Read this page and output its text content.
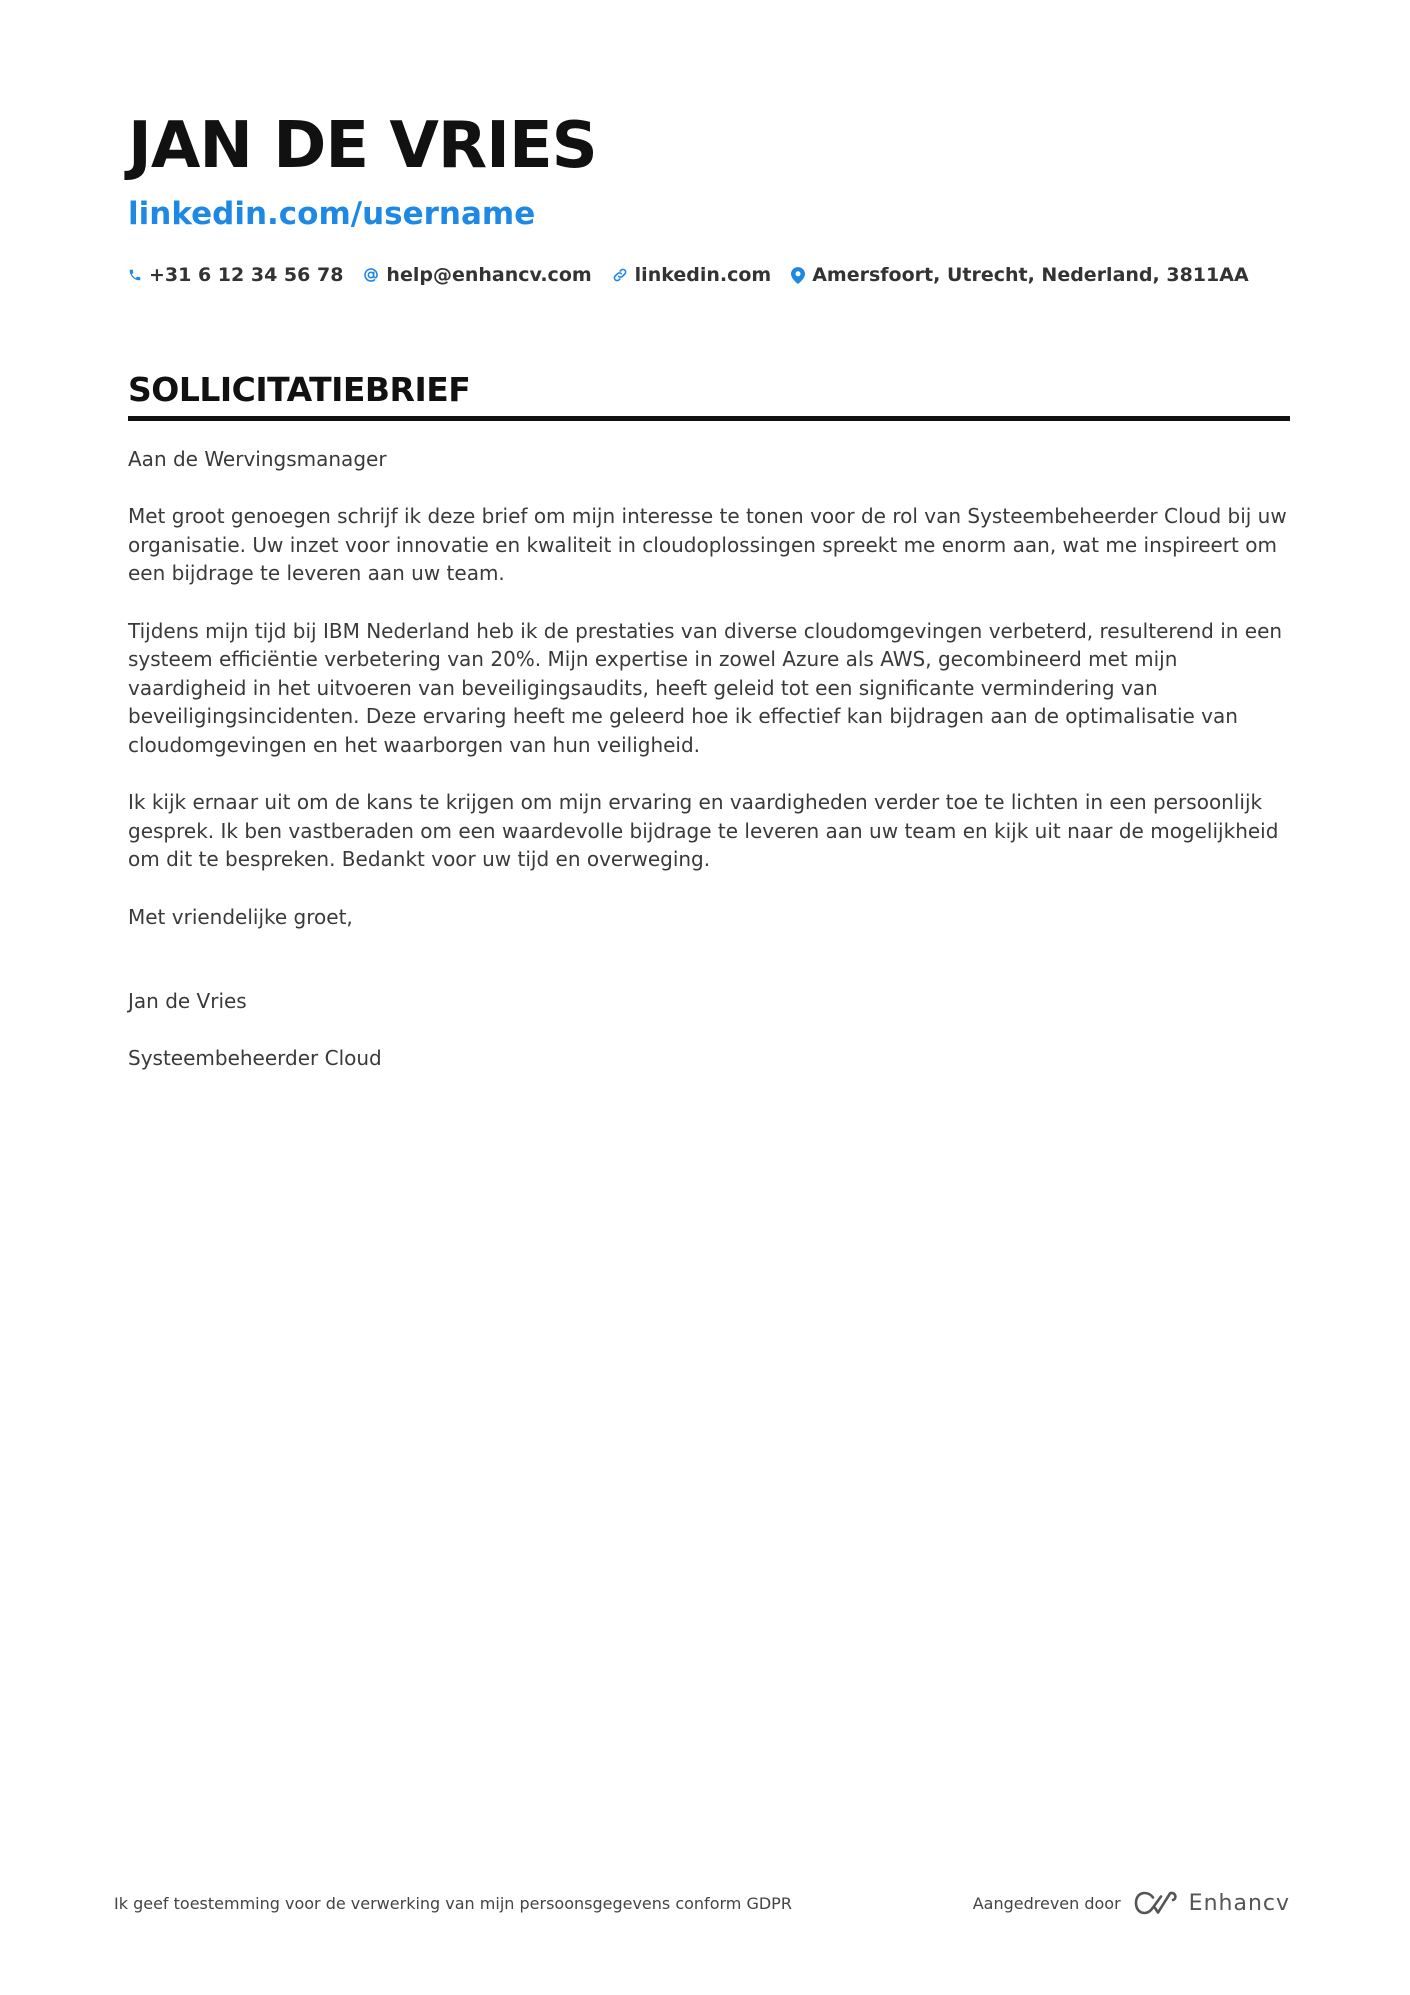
JAN DE VRIES
linkedin.com/username
+31 6 12 34 56 78 help@enhancv.com linkedin.com Amersfoort, Utrecht, Nederland, 3811AA
SOLLICITATIEBRIEF

Aan de Wervingsmanager

Met groot genoegen schrijf ik deze brief om mijn interesse te tonen voor de rol van Systeembeheerder Cloud bij uw organisatie. Uw inzet voor innovatie en kwaliteit in cloudoplossingen spreekt me enorm aan, wat me inspireert om een bijdrage te leveren aan uw team.

Tijdens mijn tijd bij IBM Nederland heb ik de prestaties van diverse cloudomgevingen verbeterd, resulterend in een systeem efficiëntie verbetering van 20%. Mijn expertise in zowel Azure als AWS, gecombineerd met mijn vaardigheid in het uitvoeren van beveiligingsaudits, heeft geleid tot een significante vermindering van beveiligingsincidenten. Deze ervaring heeft me geleerd hoe ik effectief kan bijdragen aan de optimalisatie van cloudomgevingen en het waarborgen van hun veiligheid.

Ik kijk ernaar uit om de kans te krijgen om mijn ervaring en vaardigheden verder toe te lichten in een persoonlijk gesprek. Ik ben vastberaden om een waardevolle bijdrage te leveren aan uw team en kijk uit naar de mogelijkheid om dit te bespreken. Bedankt voor uw tijd en overweging.

Met vriendelijke groet,

Jan de Vries

Systeembeheerder Cloud

Ik geef toestemming voor de verwerking van mijn persoonsgegevens conform GDPR	Aangedreven door	Enhancv
